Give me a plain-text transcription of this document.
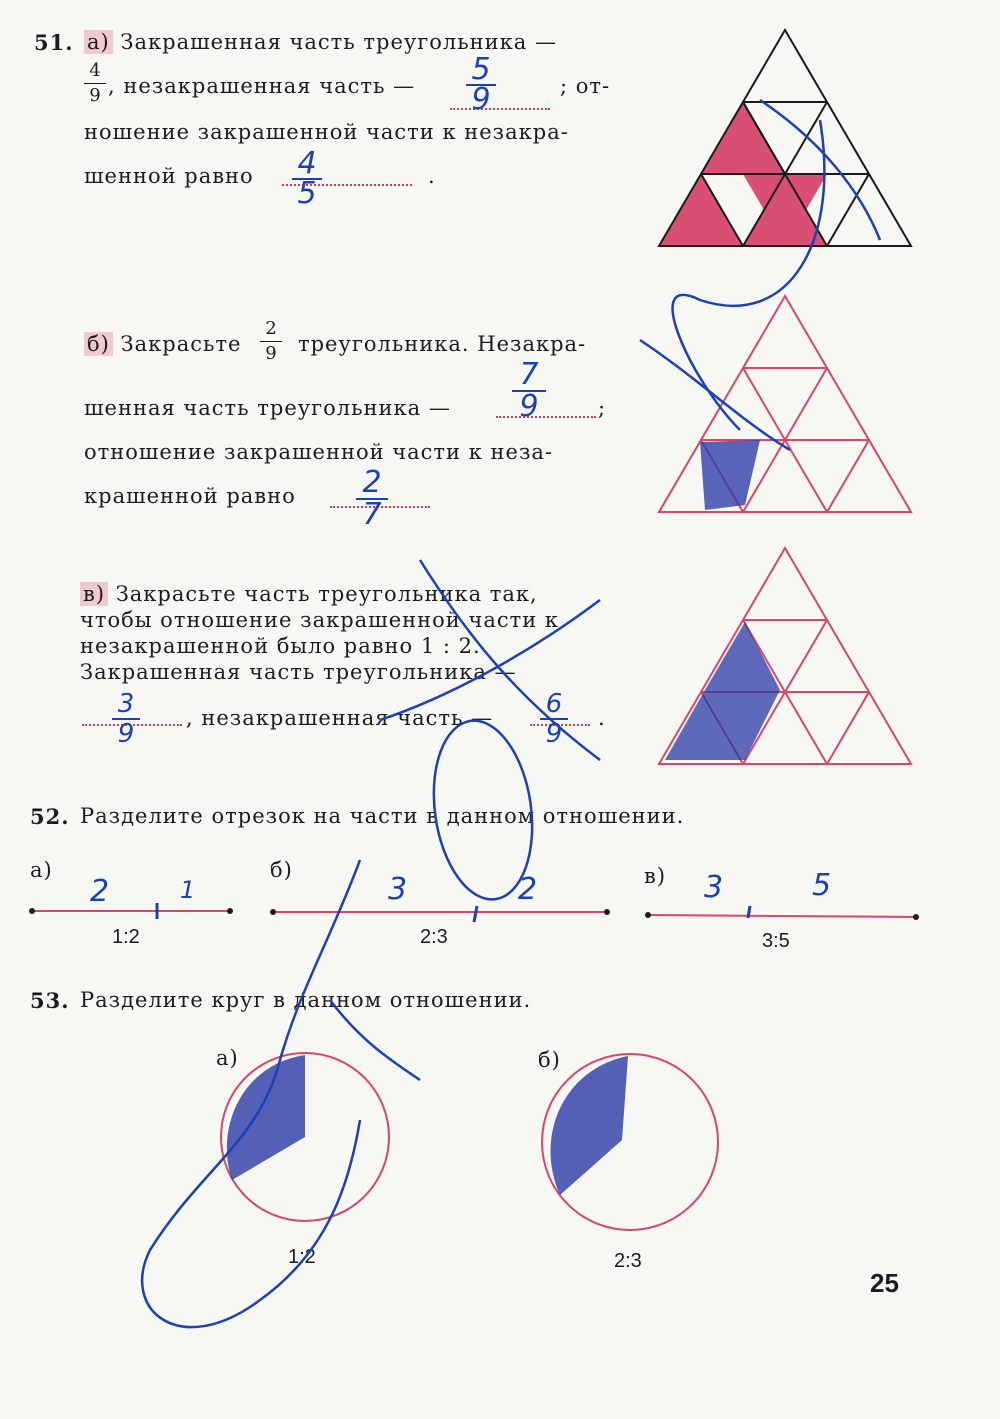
51. а) Закрашенная часть треугольника —
4
9 , незакрашенная часть —	; от-
ношение закрашенной части к незакра-
шенной равно	.
б) Закрасьте
2
9 треугольника. Незакра-
шенная часть треугольника —	;
отношение закрашенной части к неза-
крашенной равно
в) Закрасьте часть треугольника так,
чтобы отношение закрашенной части к
незакрашенной было равно 1 : 2.
Закрашенная часть треугольника —
, незакрашенная часть —	.
52. Разделите отрезок на части в данном отношении.
а)	б)	в)
1:2	2:3	3:5
53. Разделите круг в данном отношении.
а)	б)
1:2	2:3
25
5
9
4
5
7
9
2
7
3
9
6
9
2	1	3	2	3	5
